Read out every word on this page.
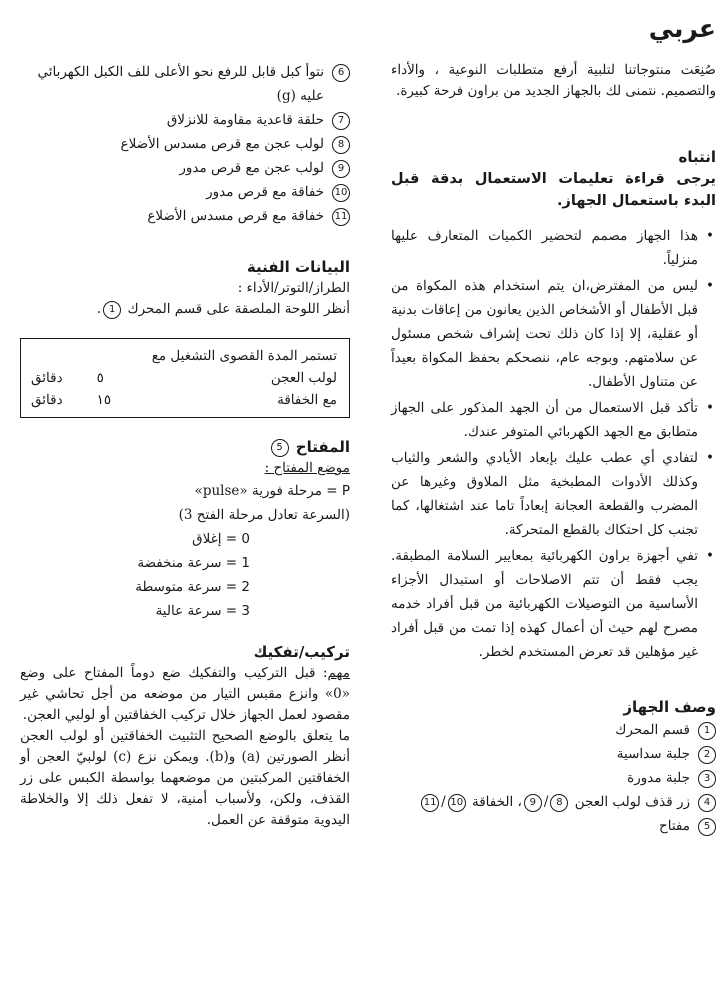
عربي

صُنِعَت منتوجاتنا لتلبية أرفع متطلبات النوعية ، والأداء والتصميم. نتمنى لك بالجهاز الجديد من براون فرحة كبيرة.

انتباه

يرجى قراءة تعليمات الاستعمال بدقة قبل البدء باستعمال الجهاز.

• هذا الجهاز مصمم لتحضير الكميات المتعارف عليها منزلياً.
• ليس من المفترض،ان يتم استخدام هذه المكواة من قبل الأطفال أو الأشخاص الذين يعانون من إعاقات بدنية أو عقلية، إلا إذا كان ذلك تحت إشراف شخص مسئول عن سلامتهم. وبوجه عام، ننصحكم بحفظ المكواة بعيداً عن متناول الأطفال.
• تأكد قبل الاستعمال من أن الجهد المذكور على الجهاز متطابق مع الجهد الكهربائي المتوفر عندك.
• لتفادي أي عطب عليك بإبعاد الأيادي والشعر والثياب وكذلك الأدوات المطبخية مثل الملاوق وغيرها عن المضرب والقطعة العجانة إبعاداً تاما عند اشتغالها، كما تجنب كل احتكاك بالقطع المتحركة.
• تفي أجهزة براون الكهربائية بمعايير السلامة المطبقة. يجب فقط أن تتم الاصلاحات أو استبدال الأجزاء الأساسية من التوصيلات الكهربائية من قبل أفراد خدمه مصرح لهم حيث أن أعمال كهذه إذا تمت من قبل أفراد غير مؤهلين قد تعرض المستخدم لخطر.
وصف الجهاز
1
قسم المحرك
2
جلبة سداسية
3
جلبة مدورة
4
زر قذف لولب العجن 8/9، الخفاقة 10/11
5
مفتاح
6
نتوأ كبل قابل للرفع نحو الأعلى للف الكبل الكهربائي عليه (g)
7
حلقة قاعدية مقاومة للانزلاق
8
لولب عجن مع قرص مسدس الأضلاع
9
لولب عجن مع قرص مدور
10
خفاقة مع قرص مدور
11
خفاقة مع قرص مسدس الأضلاع
البيانات الفنية

الطراز/التوتر/الأداء :

أنظر اللوحة الملصقة على قسم المحرك 1.

تستمر المدة القصوى التشغيل مع
لولب العجن
٥
دقائق
مع الخفاقة
١٥
دقائق
المفتاح 5

موضع المفتاح :

P = مرحلة فورية «pulse»
(السرعة تعادل مرحلة الفتح 3)
0 = إغلاق
1 = سرعة منخفضة
2 = سرعة متوسطة
3 = سرعة عالية
تركيب/تفكيك

مهم: قبل التركيب والتفكيك ضع دوماً المفتاح على وضع «0» وانزع مقبس التيار من موضعه من أجل تحاشي غير مقصود لعمل الجهاز خلال تركيب الخفاقتين أو لولبي العجن.

ما يتعلق بالوضع الصحيح التثبيت الخفاقتين أو لولب العجن أنظر الصورتين (a) و(b). ويمكن نزع (c) لولبيّ العجن أو الخفاقتين المركبتين من موضعهما بواسطة الكبس على زر القذف، ولكن، ولأسباب أمنية، لا تفعل ذلك إلا والخلاطة اليدوية متوقفة عن العمل.
